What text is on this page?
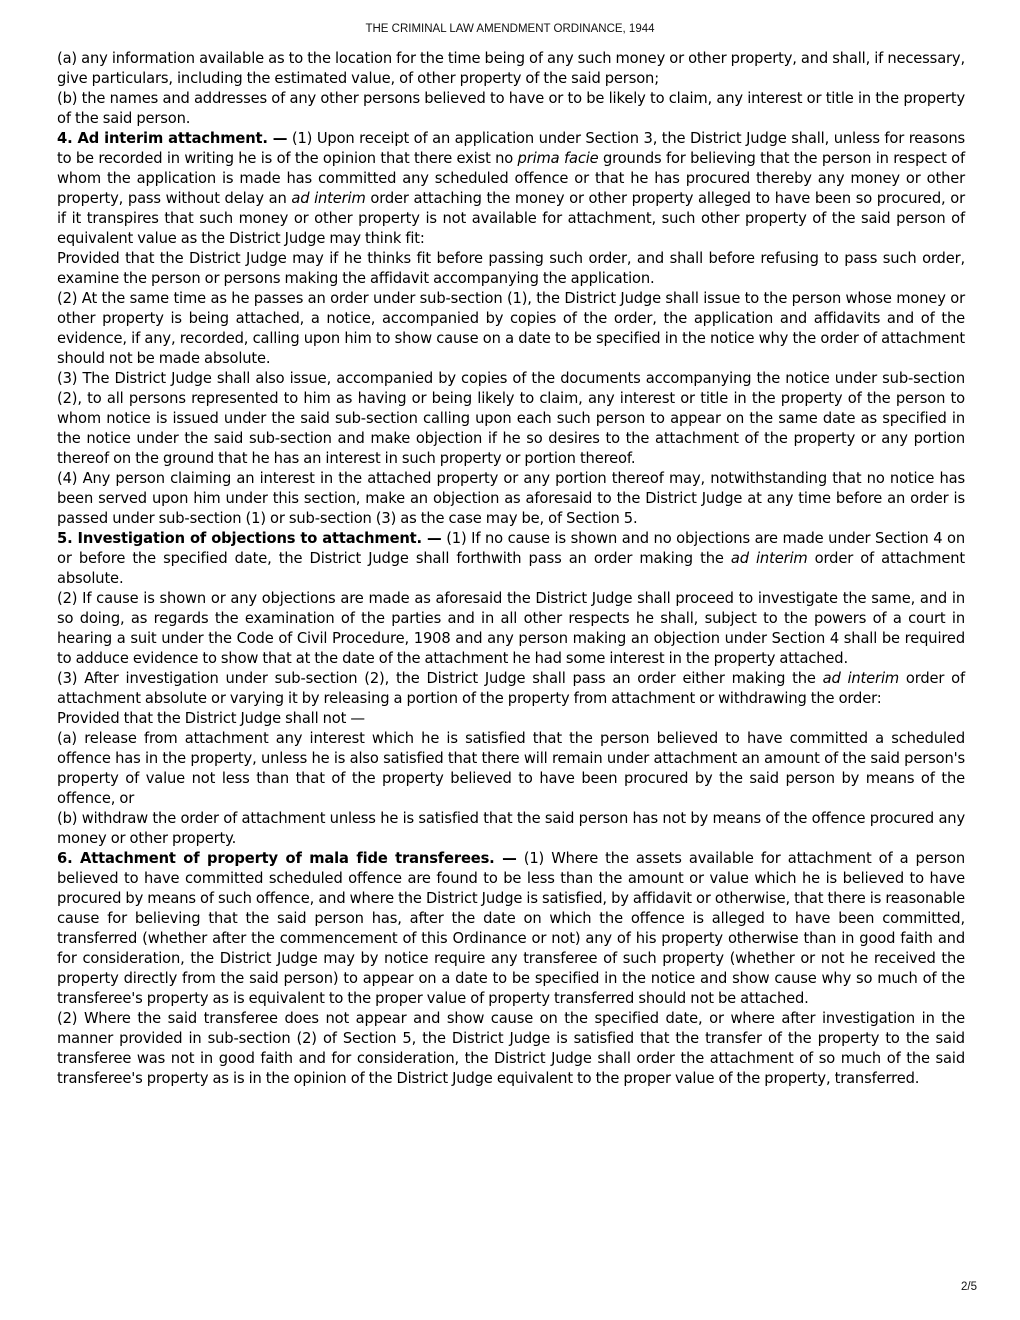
THE CRIMINAL LAW AMENDMENT ORDINANCE, 1944

(a) any information available as to the location for the time being of any such money or other property, and shall, if necessary, give particulars, including the estimated value, of other property of the said person;

(b) the names and addresses of any other persons believed to have or to be likely to claim, any interest or title in the property of the said person.

4. Ad interim attachment. — (1) Upon receipt of an application under Section 3, the District Judge shall, unless for reasons to be recorded in writing he is of the opinion that there exist no prima facie grounds for believing that the person in respect of whom the application is made has committed any scheduled offence or that he has procured thereby any money or other property, pass without delay an ad interim order attaching the money or other property alleged to have been so procured, or if it transpires that such money or other property is not available for attachment, such other property of the said person of equivalent value as the District Judge may think fit:

Provided that the District Judge may if he thinks fit before passing such order, and shall before refusing to pass such order, examine the person or persons making the affidavit accompanying the application.

(2) At the same time as he passes an order under sub-section (1), the District Judge shall issue to the person whose money or other property is being attached, a notice, accompanied by copies of the order, the application and affidavits and of the evidence, if any, recorded, calling upon him to show cause on a date to be specified in the notice why the order of attachment should not be made absolute.

(3) The District Judge shall also issue, accompanied by copies of the documents accompanying the notice under sub-section (2), to all persons represented to him as having or being likely to claim, any interest or title in the property of the person to whom notice is issued under the said sub-section calling upon each such person to appear on the same date as specified in the notice under the said sub-section and make objection if he so desires to the attachment of the property or any portion thereof on the ground that he has an interest in such property or portion thereof.

(4) Any person claiming an interest in the attached property or any portion thereof may, notwithstanding that no notice has been served upon him under this section, make an objection as aforesaid to the District Judge at any time before an order is passed under sub-section (1) or sub-section (3) as the case may be, of Section 5.

5. Investigation of objections to attachment. — (1) If no cause is shown and no objections are made under Section 4 on or before the specified date, the District Judge shall forthwith pass an order making the ad interim order of attachment absolute.

(2) If cause is shown or any objections are made as aforesaid the District Judge shall proceed to investigate the same, and in so doing, as regards the examination of the parties and in all other respects he shall, subject to the powers of a court in hearing a suit under the Code of Civil Procedure, 1908 and any person making an objection under Section 4 shall be required to adduce evidence to show that at the date of the attachment he had some interest in the property attached.

(3) After investigation under sub-section (2), the District Judge shall pass an order either making the ad interim order of attachment absolute or varying it by releasing a portion of the property from attachment or withdrawing the order:

Provided that the District Judge shall not —

(a) release from attachment any interest which he is satisfied that the person believed to have committed a scheduled offence has in the property, unless he is also satisfied that there will remain under attachment an amount of the said person's property of value not less than that of the property believed to have been procured by the said person by means of the offence, or

(b) withdraw the order of attachment unless he is satisfied that the said person has not by means of the offence procured any money or other property.

6. Attachment of property of mala fide transferees. — (1) Where the assets available for attachment of a person believed to have committed scheduled offence are found to be less than the amount or value which he is believed to have procured by means of such offence, and where the District Judge is satisfied, by affidavit or otherwise, that there is reasonable cause for believing that the said person has, after the date on which the offence is alleged to have been committed, transferred (whether after the commencement of this Ordinance or not) any of his property otherwise than in good faith and for consideration, the District Judge may by notice require any transferee of such property (whether or not he received the property directly from the said person) to appear on a date to be specified in the notice and show cause why so much of the transferee's property as is equivalent to the proper value of property transferred should not be attached.

(2) Where the said transferee does not appear and show cause on the specified date, or where after investigation in the manner provided in sub-section (2) of Section 5, the District Judge is satisfied that the transfer of the property to the said transferee was not in good faith and for consideration, the District Judge shall order the attachment of so much of the said transferee's property as is in the opinion of the District Judge equivalent to the proper value of the property, transferred.

2/5
